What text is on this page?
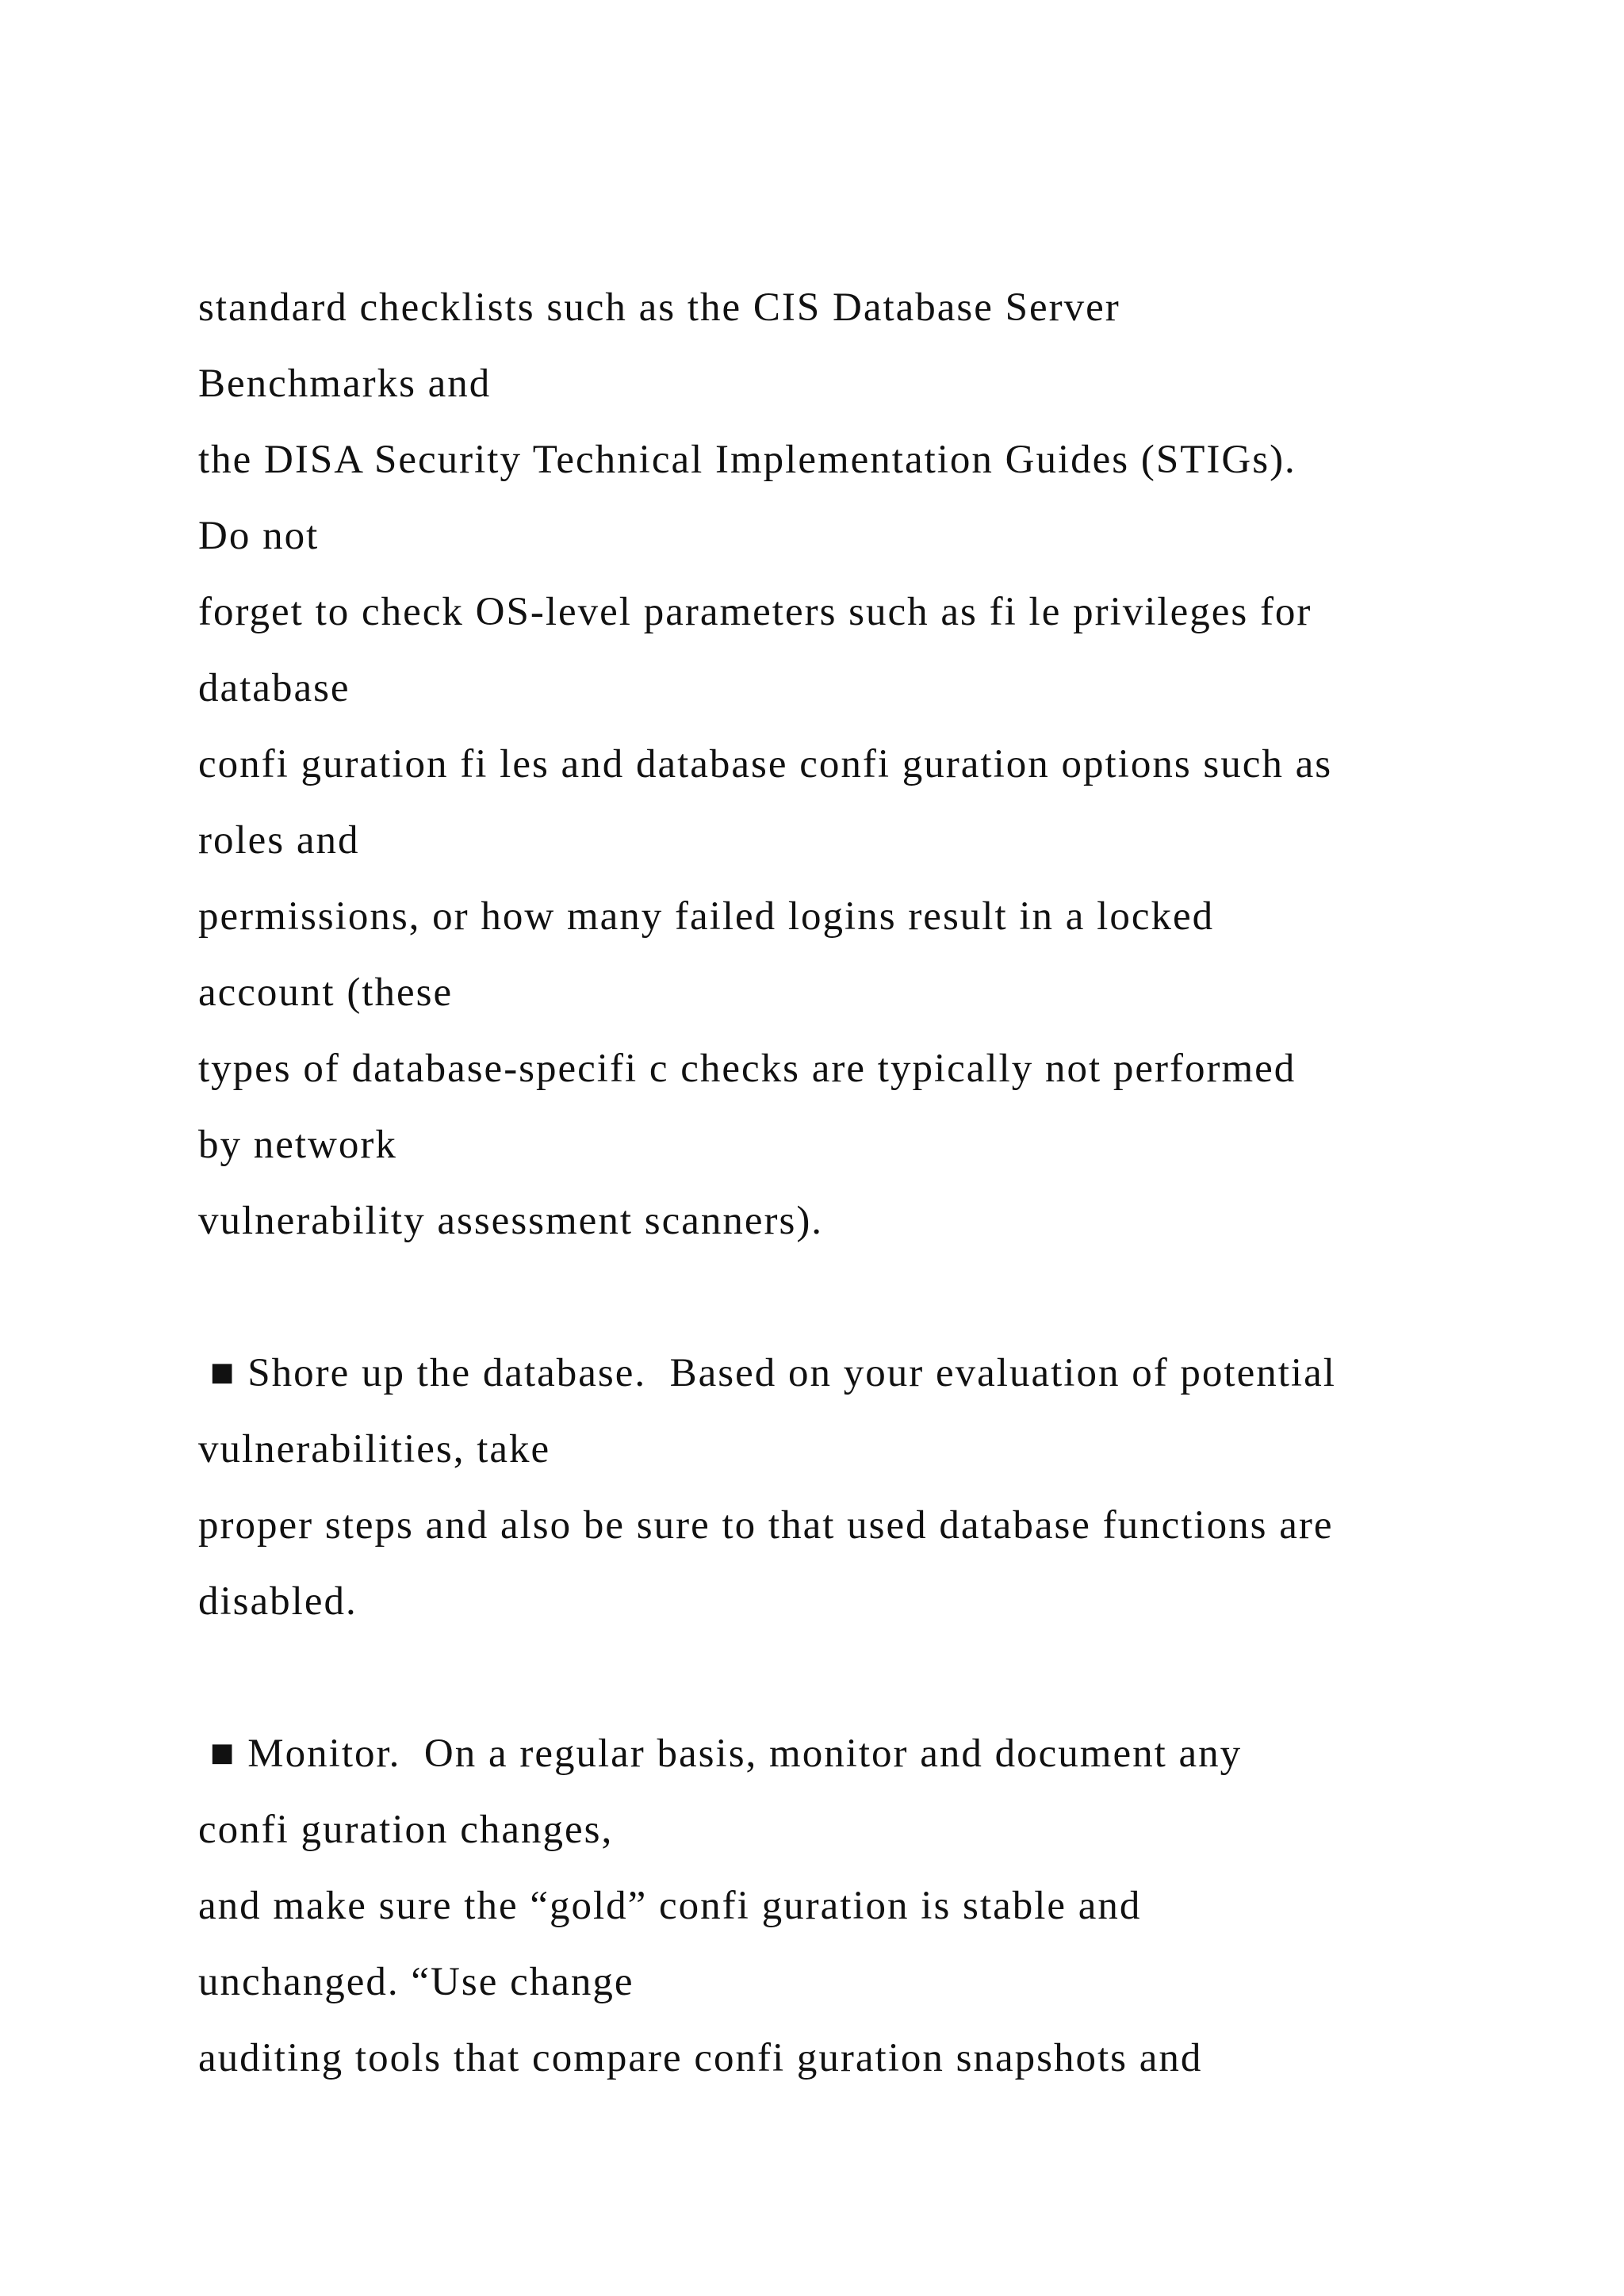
standard checklists such as the CIS Database Server
Benchmarks and
the DISA Security Technical Implementation Guides (STIGs).
Do not
forget to check OS-level parameters such as fi le privileges for
database
confi guration fi les and database confi guration options such as
roles and
permissions, or how many failed logins result in a locked
account (these
types of database-specifi c checks are typically not performed
by network
vulnerability assessment scanners).
■ Shore up the database.  Based on your evaluation of potential
vulnerabilities, take
proper steps and also be sure to that used database functions are
disabled.
■ Monitor.  On a regular basis, monitor and document any
confi guration changes,
and make sure the “gold” confi guration is stable and
unchanged. “Use change
auditing tools that compare confi guration snapshots and
